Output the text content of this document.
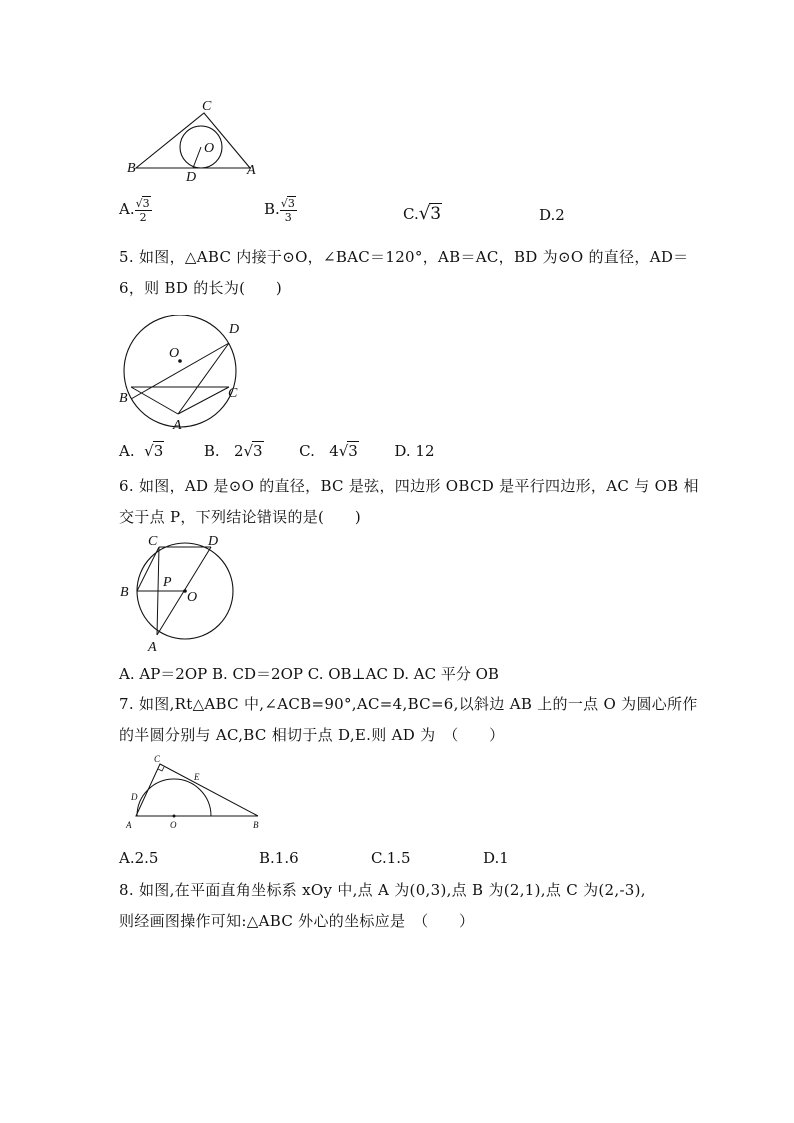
C
B	A
O
D
A. $\frac{√3}{2}$	B. $\frac{√3}{3}$	C.√3	D.2
5. 如图，△ABC 内接于⊙O，∠BAC＝120°，AB＝AC，BD 为⊙O 的直径，AD＝
6，则 BD 的长为(　　)
O
D
B	C
A
A. √3	B. 2√3 C. 4√3 D. 12
6. 如图，AD 是⊙O 的直径，BC 是弦，四边形 OBCD 是平行四边形，AC 与 OB 相
交于点 P，下列结论错误的是(　　)
C	D
B
P
O
A
A. AP＝2OP B. CD＝2OP C. OB⊥AC D. AC 平分 OB
7. 如图,Rt△ABC 中,∠ACB=90°,AC=4,BC=6,以斜边 AB 上的一点 O 为圆心所作
的半圆分别与 AC,BC 相切于点 D,E.则 AD 为　（　　）
C
E
D
A	O	B
A.2.5	B.1.6	C.1.5	D.1
8. 如图,在平面直角坐标系 xOy 中,点 A 为(0,3),点 B 为(2,1),点 C 为(2,-3),
则经画图操作可知:△ABC 外心的坐标应是　（　　）
